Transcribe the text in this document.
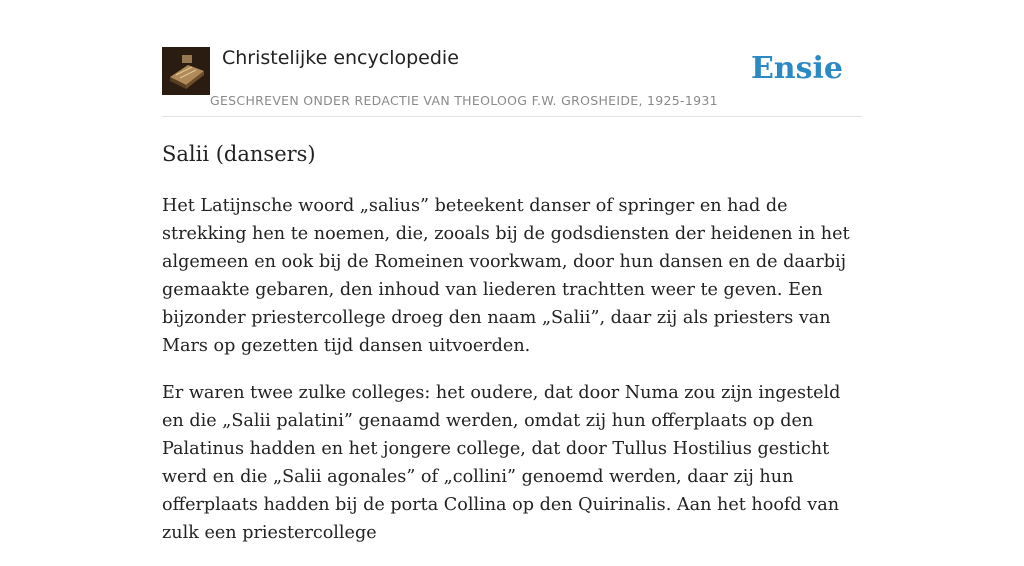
Christelijke encyclopedie
GESCHREVEN ONDER REDACTIE VAN THEOLOOG F.W. GROSHEIDE, 1925-1931
Ensie
Salii (dansers)

Het Latijnsche woord „salius” beteekent danser of springer en had de strekking hen te noemen, die, zooals bij de godsdiensten der heidenen in het algemeen en ook bij de Romeinen voorkwam, door hun dansen en de daarbij gemaakte gebaren, den inhoud van liederen trachtten weer te geven. Een bijzonder priestercollege droeg den naam „Salii”, daar zij als priesters van Mars op gezetten tijd dansen uitvoerden.

Er waren twee zulke colleges: het oudere, dat door Numa zou zijn ingesteld en die „Salii palatini” genaamd werden, omdat zij hun offerplaats op den Palatinus hadden en het jongere college, dat door Tullus Hostilius gesticht werd en die „Salii agonales” of „collini” genoemd werden, daar zij hun offerplaats hadden bij de porta Collina op den Quirinalis. Aan het hoofd van zulk een priestercollege
